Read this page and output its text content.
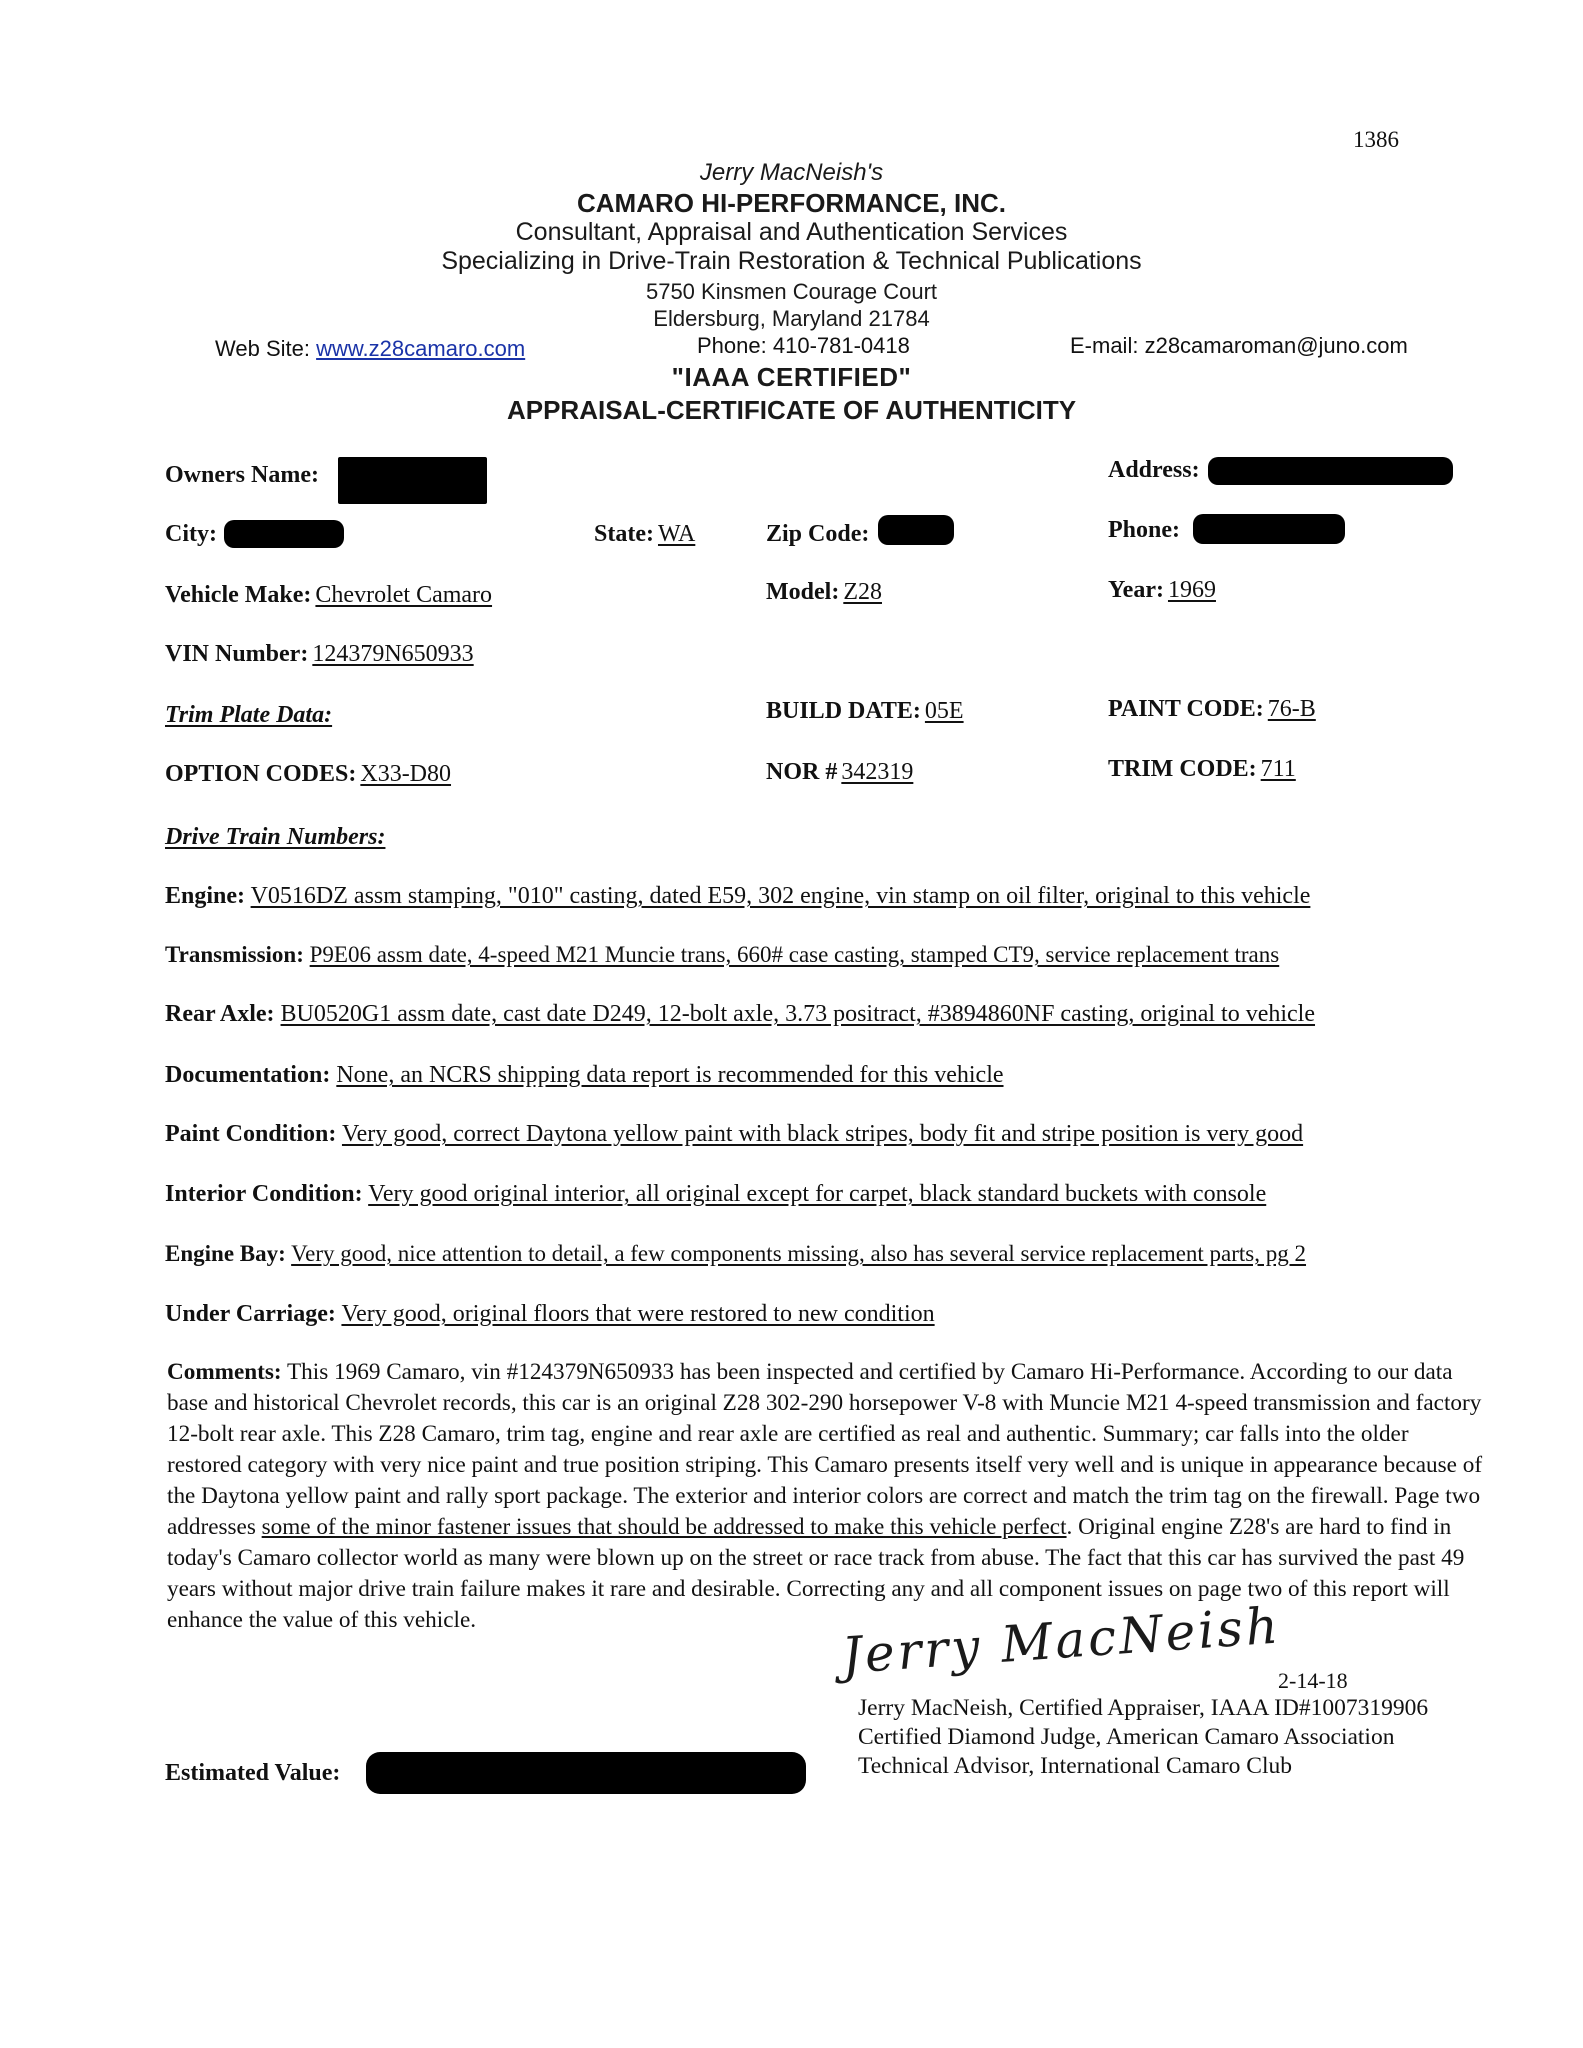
1386
Jerry MacNeish's
CAMARO HI-PERFORMANCE, INC.
Consultant, Appraisal and Authentication Services
Specializing in Drive-Train Restoration & Technical Publications
5750 Kinsmen Courage Court
Eldersburg, Maryland 21784
Web Site: www.z28camaro.com	Phone: 410-781-0418	E-mail: z28camaroman@juno.com
"IAAA CERTIFIED"
APPRAISAL-CERTIFICATE OF AUTHENTICITY
Owners Name:	Address:
City:	State: WA	Zip Code:	Phone:
Vehicle Make: Chevrolet Camaro	Model: Z28	Year: 1969
VIN Number: 124379N650933
Trim Plate Data:	BUILD DATE: 05E	PAINT CODE: 76-B
OPTION CODES: X33-D80	NOR # 342319	TRIM CODE: 711
Drive Train Numbers:
Engine: V0516DZ assm stamping, "010" casting, dated E59, 302 engine, vin stamp on oil filter, original to this vehicle
Transmission: P9E06 assm date, 4-speed M21 Muncie trans, 660# case casting, stamped CT9, service replacement trans
Rear Axle: BU0520G1 assm date, cast date D249, 12-bolt axle, 3.73 positract, #3894860NF casting, original to vehicle
Documentation: None, an NCRS shipping data report is recommended for this vehicle
Paint Condition: Very good, correct Daytona yellow paint with black stripes, body fit and stripe position is very good
Interior Condition: Very good original interior, all original except for carpet, black standard buckets with console
Engine Bay: Very good, nice attention to detail, a few components missing, also has several service replacement parts, pg 2
Under Carriage: Very good, original floors that were restored to new condition
Comments: This 1969 Camaro, vin #124379N650933 has been inspected and certified by Camaro Hi-Performance. According to our data base and historical Chevrolet records, this car is an original Z28 302-290 horsepower V-8 with Muncie M21 4-speed transmission and factory 12-bolt rear axle. This Z28 Camaro, trim tag, engine and rear axle are certified as real and authentic. Summary; car falls into the older restored category with very nice paint and true position striping. This Camaro presents itself very well and is unique in appearance because of the Daytona yellow paint and rally sport package. The exterior and interior colors are correct and match the trim tag on the firewall. Page two addresses some of the minor fastener issues that should be addressed to make this vehicle perfect. Original engine Z28's are hard to find in today's Camaro collector world as many were blown up on the street or race track from abuse. The fact that this car has survived the past 49 years without major drive train failure makes it rare and desirable. Correcting any and all component issues on page two of this report will enhance the value of this vehicle.	Jerry MacNeish
2-14-18
Jerry MacNeish, Certified Appraiser, IAAA ID#1007319906
Certified Diamond Judge, American Camaro Association
Technical Advisor, International Camaro Club
Estimated Value:
